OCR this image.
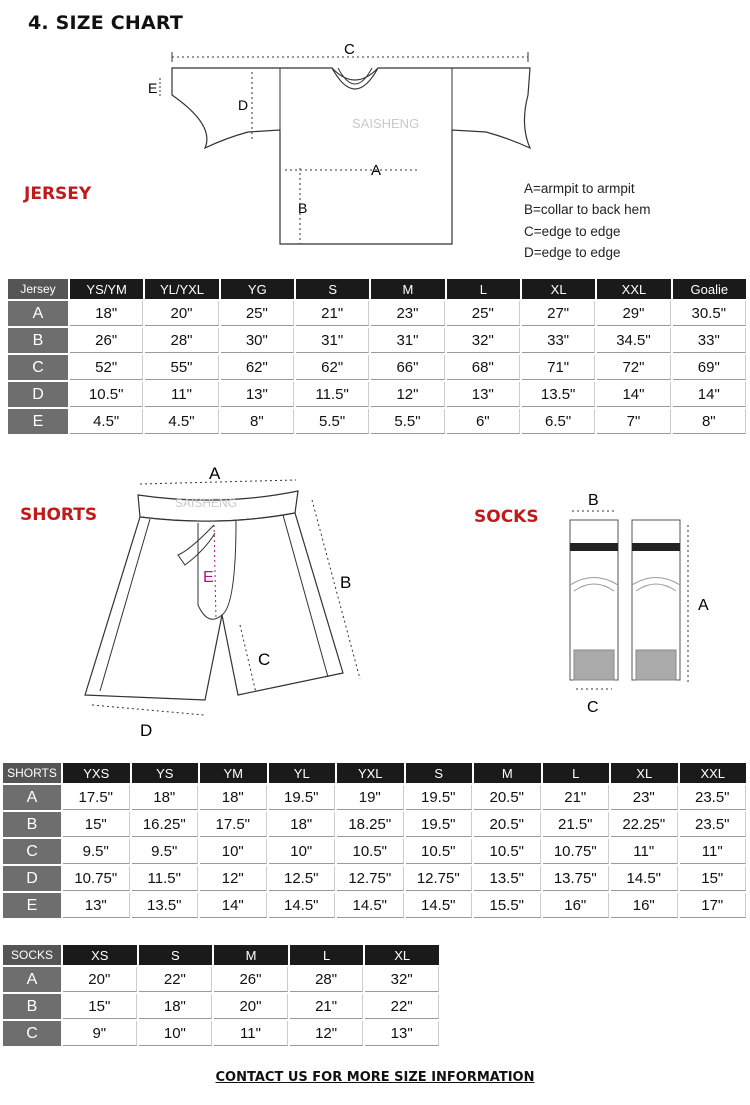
4. SIZE CHART
SAISHENG
C
E
D
A
B
JERSEY	A=armpit to armpit
B=collar to back hem
C=edge to edge
D=edge to edge
Jersey	YS/YM	YL/YXL	YG	S	M	L	XL	XXL	Goalie
A	18"	20"	25"	21"	23"	25"	27"	29"	30.5"
B	26"	28"	30"	31"	31"	32"	33"	34.5"	33"
C	52"	55"	62"	62"	66"	68"	71"	72"	69"
D	10.5"	11"	13"	11.5"	12"	13"	13.5"	14"	14"
E	4.5"	4.5"	8"	5.5"	5.5"	6"	6.5"	7"	8"
SAISHENG
A
B
C
D
E
SHORTS
B
A
C
SOCKS
SHORTS	YXS	YS	YM	YL	YXL	S	M	L	XL	XXL
A	17.5"	18"	18"	19.5"	19"	19.5"	20.5"	21"	23"	23.5"
B	15"	16.25"	17.5"	18"	18.25"	19.5"	20.5"	21.5"	22.25"	23.5"
C	9.5"	9.5"	10"	10"	10.5"	10.5"	10.5"	10.75"	11"	11"
D	10.75"	11.5"	12"	12.5"	12.75"	12.75"	13.5"	13.75"	14.5"	15"
E	13"	13.5"	14"	14.5"	14.5"	14.5"	15.5"	16"	16"	17"
SOCKS	XS	S	M	L	XL
A	20"	22"	26"	28"	32"
B	15"	18"	20"	21"	22"
C	9"	10"	11"	12"	13"
CONTACT US FOR MORE SIZE INFORMATION
